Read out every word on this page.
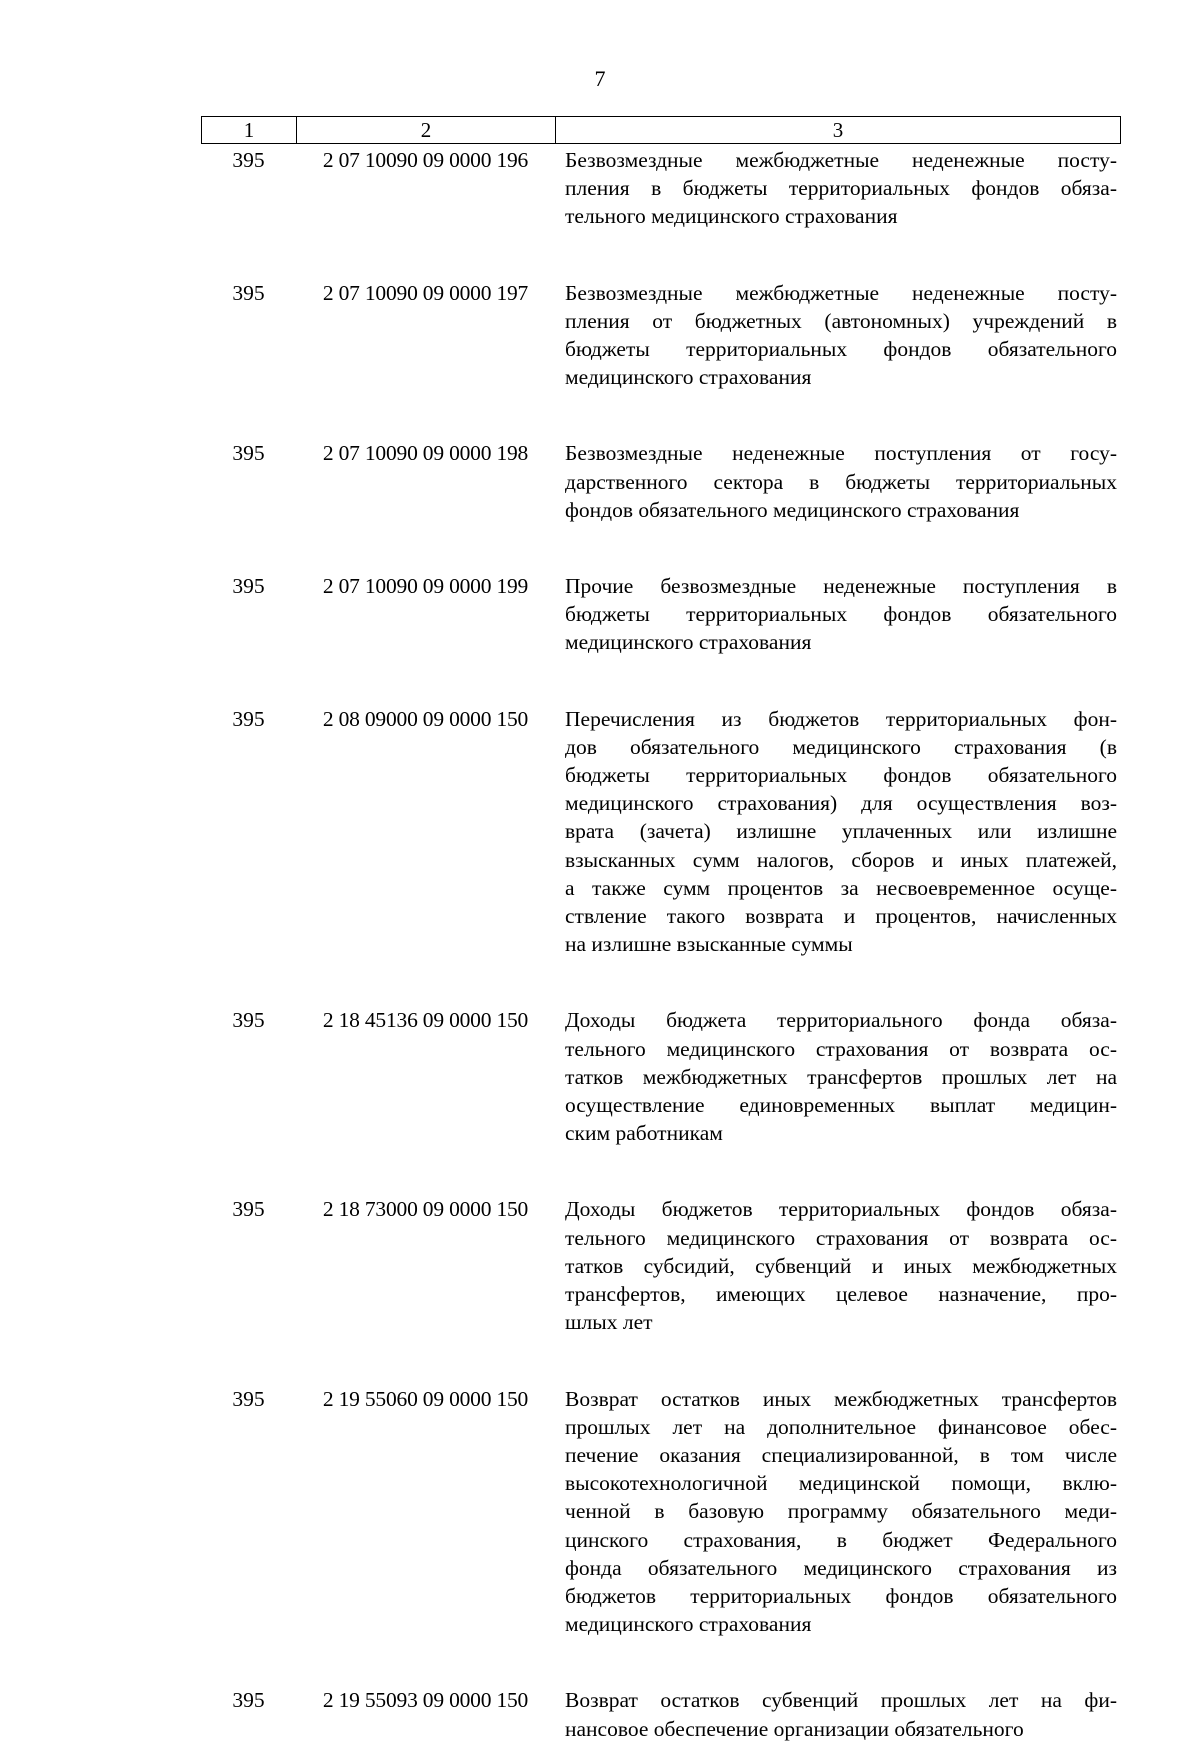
7
1	2	3
395	2 07 10090 09 0000 196	Безвозмездные межбюджетные неденежные посту-
пления в бюджеты территориальных фондов обяза-
тельного медицинского страхования
395	2 07 10090 09 0000 197	Безвозмездные межбюджетные неденежные посту-
пления от бюджетных (автономных) учреждений в
бюджеты территориальных фондов обязательного
медицинского страхования
395	2 07 10090 09 0000 198	Безвозмездные неденежные поступления от госу-
дарственного сектора в бюджеты территориальных
фондов обязательного медицинского страхования
395	2 07 10090 09 0000 199	Прочие безвозмездные неденежные поступления в
бюджеты территориальных фондов обязательного
медицинского страхования
395	2 08 09000 09 0000 150	Перечисления из бюджетов территориальных фон-
дов обязательного медицинского страхования (в
бюджеты территориальных фондов обязательного
медицинского страхования) для осуществления воз-
врата (зачета) излишне уплаченных или излишне
взысканных сумм налогов, сборов и иных платежей,
а также сумм процентов за несвоевременное осуще-
ствление такого возврата и процентов, начисленных
на излишне взысканные суммы
395	2 18 45136 09 0000 150	Доходы бюджета территориального фонда обяза-
тельного медицинского страхования от возврата ос-
татков межбюджетных трансфертов прошлых лет на
осуществление единовременных выплат медицин-
ским работникам
395	2 18 73000 09 0000 150	Доходы бюджетов территориальных фондов обяза-
тельного медицинского страхования от возврата ос-
татков субсидий, субвенций и иных межбюджетных
трансфертов, имеющих целевое назначение, про-
шлых лет
395	2 19 55060 09 0000 150	Возврат остатков иных межбюджетных трансфертов
прошлых лет на дополнительное финансовое обес-
печение оказания специализированной, в том числе
высокотехнологичной медицинской помощи, вклю-
ченной в базовую программу обязательного меди-
цинского страхования, в бюджет Федерального
фонда обязательного медицинского страхования из
бюджетов территориальных фондов обязательного
медицинского страхования
395	2 19 55093 09 0000 150	Возврат остатков субвенций прошлых лет на фи-
нансовое обеспечение организации обязательного
